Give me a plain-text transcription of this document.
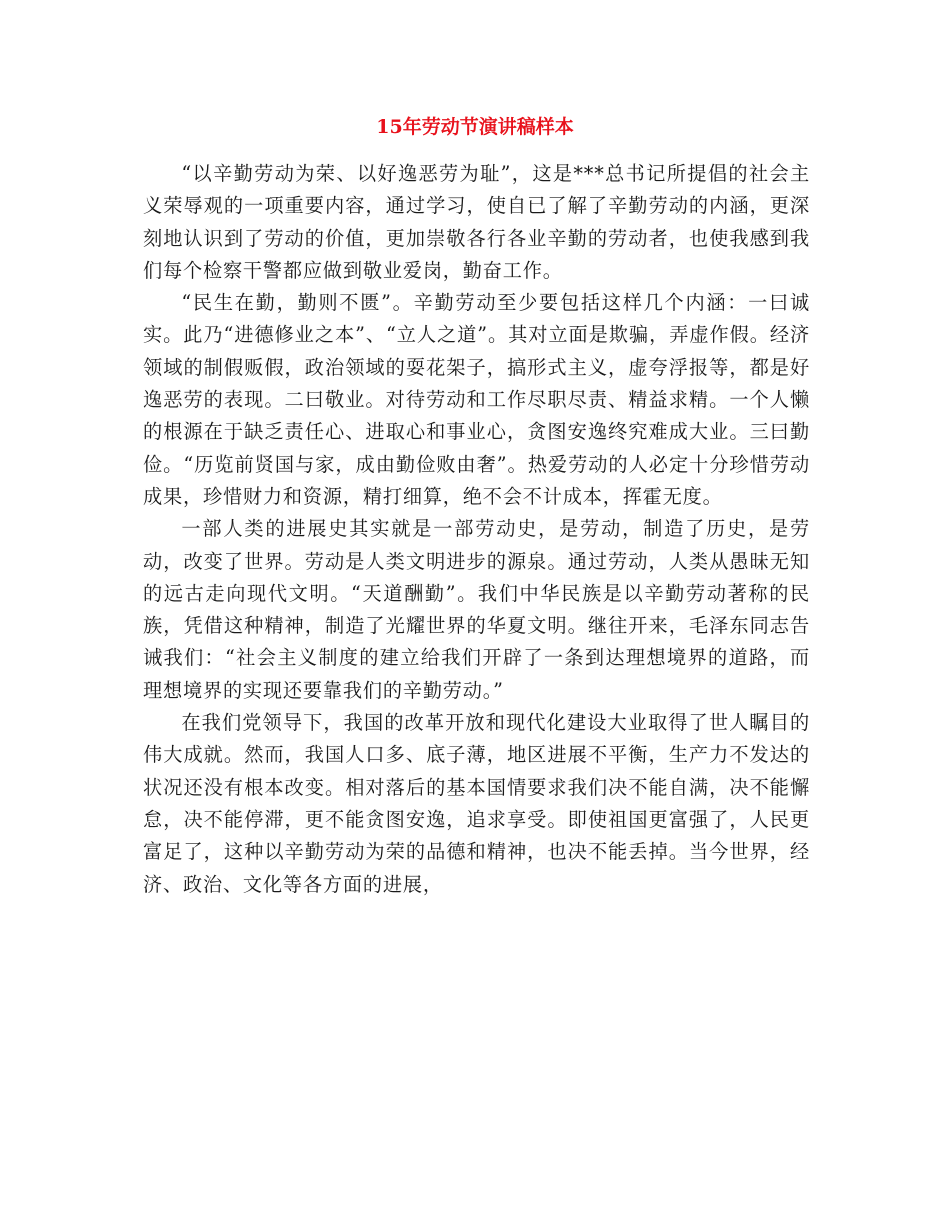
15年劳动节演讲稿样本

“以辛勤劳动为荣、以好逸恶劳为耻”，这是***总书记所提倡的社会主义荣辱观的一项重要内容，通过学习，使自已了解了辛勤劳动的内涵，更深刻地认识到了劳动的价值，更加崇敬各行各业辛勤的劳动者，也使我感到我们每个检察干警都应做到敬业爱岗，勤奋工作。

“民生在勤，勤则不匮”。辛勤劳动至少要包括这样几个内涵：一曰诚实。此乃“进德修业之本”、“立人之道”。其对立面是欺骗，弄虚作假。经济领域的制假贩假，政治领域的耍花架子，搞形式主义，虚夸浮报等，都是好逸恶劳的表现。二曰敬业。对待劳动和工作尽职尽责、精益求精。一个人懒的根源在于缺乏责任心、进取心和事业心，贪图安逸终究难成大业。三曰勤俭。“历览前贤国与家，成由勤俭败由奢”。热爱劳动的人必定十分珍惜劳动成果，珍惜财力和资源，精打细算，绝不会不计成本，挥霍无度。

一部人类的进展史其实就是一部劳动史，是劳动，制造了历史，是劳动，改变了世界。劳动是人类文明进步的源泉。通过劳动，人类从愚昧无知的远古走向现代文明。“天道酬勤”。我们中华民族是以辛勤劳动著称的民族，凭借这种精神，制造了光耀世界的华夏文明。继往开来，毛泽东同志告诫我们：“社会主义制度的建立给我们开辟了一条到达理想境界的道路，而理想境界的实现还要靠我们的辛勤劳动。”

在我们党领导下，我国的改革开放和现代化建设大业取得了世人瞩目的伟大成就。然而，我国人口多、底子薄，地区进展不平衡，生产力不发达的状况还没有根本改变。相对落后的基本国情要求我们决不能自满，决不能懈怠，决不能停滞，更不能贪图安逸，追求享受。即使祖国更富强了，人民更富足了，这种以辛勤劳动为荣的品德和精神，也决不能丢掉。当今世界，经济、政治、文化等各方面的进展，
